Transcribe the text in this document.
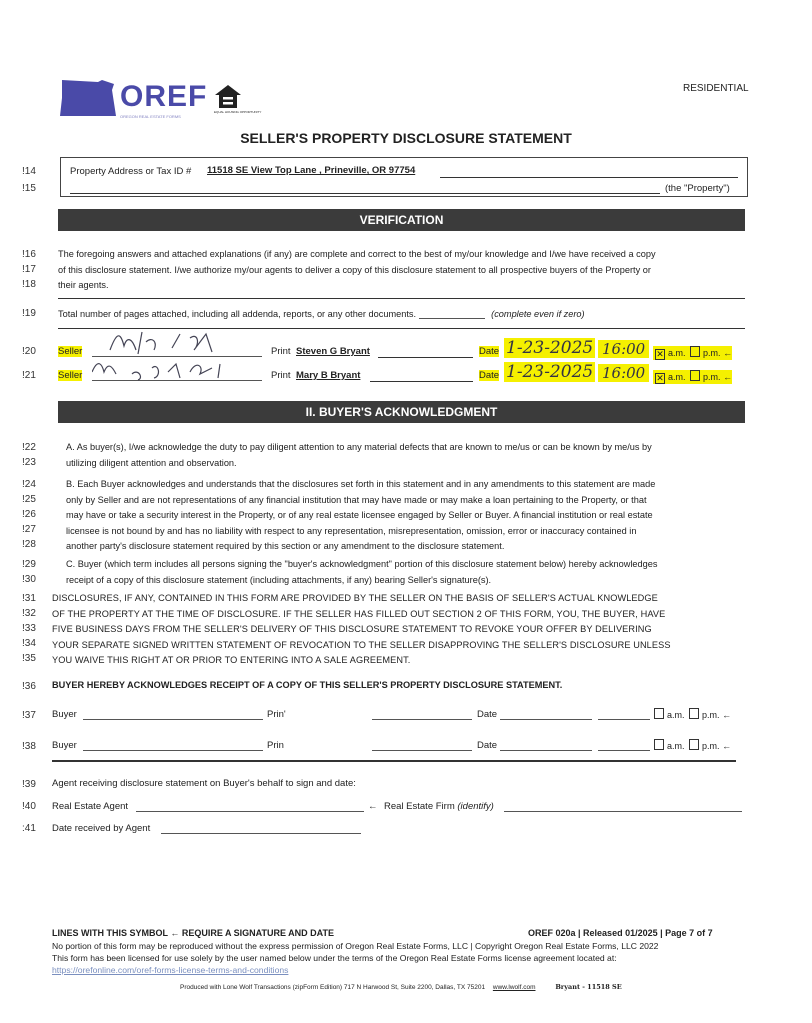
OREF
OREGON REAL ESTATE FORMS
EQUAL HOUSING OPPORTUNITY
RESIDENTIAL
SELLER'S PROPERTY DISCLOSURE STATEMENT
!14
!15
Property Address or Tax ID # 11518 SE View Top Lane , Prineville, OR 97754
(the "Property")
VERIFICATION
!16
!17
!18
The foregoing answers and attached explanations (if any) are complete and correct to the best of my/our knowledge and I/we have received a copy
of this disclosure statement. I/we authorize my/our agents to deliver a copy of this disclosure statement to all prospective buyers of the Property or
their agents.
!19 Total number of pages attached, including all addenda, reports, or any other documents.	(complete even if zero)
!20 Seller	Print Steven G Bryant	Date 1-23-2025 16:00	✕ a.m. p.m. ←
!21 Seller	Print Mary B Bryant	Date 1-23-2025 16:00	✕ a.m. p.m. ←
II. BUYER'S ACKNOWLEDGMENT
!22
!23
A. As buyer(s), I/we acknowledge the duty to pay diligent attention to any material defects that are known to me/us or can be known by me/us by
utilizing diligent attention and observation.
!24
!25
!26
!27
!28
B. Each Buyer acknowledges and understands that the disclosures set forth in this statement and in any amendments to this statement are made
only by Seller and are not representations of any financial institution that may have made or may make a loan pertaining to the Property, or that
may have or take a security interest in the Property, or of any real estate licensee engaged by Seller or Buyer. A financial institution or real estate
licensee is not bound by and has no liability with respect to any representation, misrepresentation, omission, error or inaccuracy contained in
another party's disclosure statement required by this section or any amendment to the disclosure statement.
!29
!30
C. Buyer (which term includes all persons signing the "buyer's acknowledgment" portion of this disclosure statement below) hereby acknowledges
receipt of a copy of this disclosure statement (including attachments, if any) bearing Seller's signature(s).
!31
!32
!33
!34
!35
DISCLOSURES, IF ANY, CONTAINED IN THIS FORM ARE PROVIDED BY THE SELLER ON THE BASIS OF SELLER'S ACTUAL KNOWLEDGE
OF THE PROPERTY AT THE TIME OF DISCLOSURE. IF THE SELLER HAS FILLED OUT SECTION 2 OF THIS FORM, YOU, THE BUYER, HAVE
FIVE BUSINESS DAYS FROM THE SELLER'S DELIVERY OF THIS DISCLOSURE STATEMENT TO REVOKE YOUR OFFER BY DELIVERING
YOUR SEPARATE SIGNED WRITTEN STATEMENT OF REVOCATION TO THE SELLER DISAPPROVING THE SELLER'S DISCLOSURE UNLESS
YOU WAIVE THIS RIGHT AT OR PRIOR TO ENTERING INTO A SALE AGREEMENT.
!36 BUYER HEREBY ACKNOWLEDGES RECEIPT OF A COPY OF THIS SELLER'S PROPERTY DISCLOSURE STATEMENT.
!37 Buyer	Prin'	Date	a.m. p.m. ←
!38 Buyer	Prin	Date	a.m. p.m. ←
!39 Agent receiving disclosure statement on Buyer's behalf to sign and date:
!40 Real Estate Agent	← Real Estate Firm (identify)
:41 Date received by Agent
LINES WITH THIS SYMBOL ← REQUIRE A SIGNATURE AND DATE	OREF 020a | Released 01/2025 | Page 7 of 7
No portion of this form may be reproduced without the express permission of Oregon Real Estate Forms, LLC | Copyright Oregon Real Estate Forms, LLC 2022
This form has been licensed for use solely by the user named below under the terms of the Oregon Real Estate Forms license agreement located at:
https://orefonline.com/oref-forms-license-terms-and-conditions
Produced with Lone Wolf Transactions (zipForm Edition) 717 N Harwood St, Suite 2200, Dallas, TX 75201 www.lwolf.com	Bryant - 11518 SE
